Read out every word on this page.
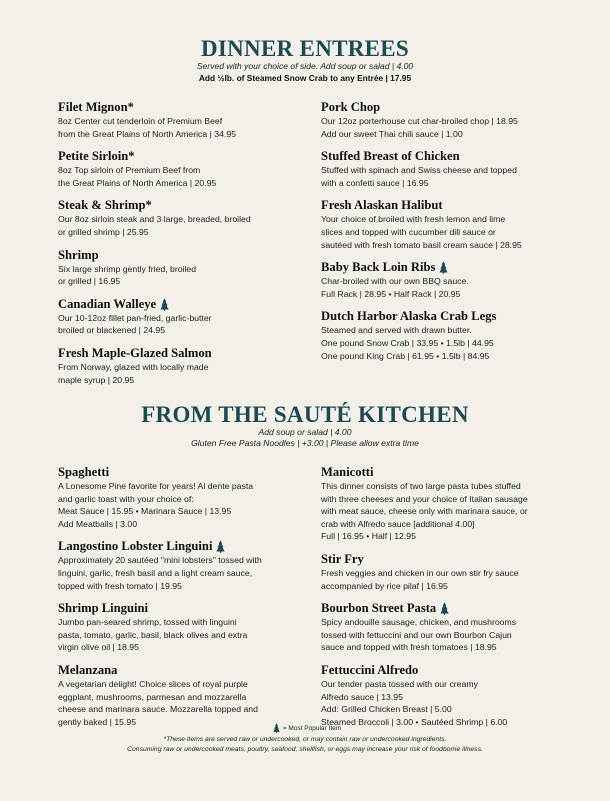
DINNER ENTREES
Served with your choice of side. Add soup or salad | 4.00
Add ½lb. of Steamed Snow Crab to any Entrée | 17.95
Filet Mignon*
8oz Center cut tenderloin of Premium Beef
from the Great Plains of North America | 34.95
Petite Sirloin*
8oz Top sirloin of Premium Beef from
the Great Plains of North America | 20.95
Steak & Shrimp*
Our 8oz sirloin steak and 3 large, breaded, broiled
or grilled shrimp | 25.95
Shrimp
Six large shrimp gently fried, broiled
or grilled | 16.95
Canadian Walleye
Our 10-12oz fillet pan-fried, garlic-butter
broiled or blackened | 24.95
Fresh Maple-Glazed Salmon
From Norway, glazed with locally made
maple syrup | 20.95
Pork Chop
Our 12oz porterhouse cut char-broiled chop | 18.95
Add our sweet Thai chili sauce | 1.00
Stuffed Breast of Chicken
Stuffed with spinach and Swiss cheese and topped
with a confetti sauce | 16.95
Fresh Alaskan Halibut
Your choice of broiled with fresh lemon and lime
slices and topped with cucumber dill sauce or
sautéed with fresh tomato basil cream sauce | 28.95
Baby Back Loin Ribs
Char-broiled with our own BBQ sauce.
Full Rack | 28.95 • Half Rack | 20.95
Dutch Harbor Alaska Crab Legs
Steamed and served with drawn butter.
One pound Snow Crab | 33.95 • 1.5lb | 44.95
One pound King Crab | 61.95 • 1.5lb | 84.95
FROM THE SAUTÉ KITCHEN
Add soup or salad | 4.00
Gluten Free Pasta Noodles | +3.00 | Please allow extra time
Spaghetti
A Lonesome Pine favorite for years! Al dente pasta
and garlic toast with your choice of:
Meat Sauce | 15.95 • Marinara Sauce | 13.95
Add Meatballs | 3.00
Langostino Lobster Linguini
Approximately 20 sautéed "mini lobsters" tossed with
linguini, garlic, fresh basil and a light cream sauce,
topped with fresh tomato | 19.95
Shrimp Linguini
Jumbo pan-seared shrimp, tossed with linguini
pasta, tomato, garlic, basil, black olives and extra
virgin olive oil | 18.95
Melanzana
A vegetarian delight! Choice slices of royal purple
eggplant, mushrooms, parmesan and mozzarella
cheese and marinara sauce. Mozzarella topped and
gently baked | 15.95
Manicotti
This dinner consists of two large pasta tubes stuffed
with three cheeses and your choice of Italian sausage
with meat sauce, cheese only with marinara sauce, or
crab with Alfredo sauce [additional 4.00]
Full | 16.95 • Half | 12.95
Stir Fry
Fresh veggies and chicken in our own stir fry sauce
accompanied by rice pilaf | 16.95
Bourbon Street Pasta
Spicy andouille sausage, chicken, and mushrooms
tossed with fettuccini and our own Bourbon Cajun
sauce and topped with fresh tomatoes | 18.95
Fettuccini Alfredo
Our tender pasta tossed with our creamy
Alfredo sauce | 13.95
Add: Grilled Chicken Breast | 5.00
Steamed Broccoli | 3.00 • Sautéed Shrimp | 6.00
= Most Popular Item
*These items are served raw or undercooked, or may contain raw or undercooked ingredients.
Consuming raw or undercooked meats, poultry, seafood, shellfish, or eggs may increase your risk of foodborne illness.
